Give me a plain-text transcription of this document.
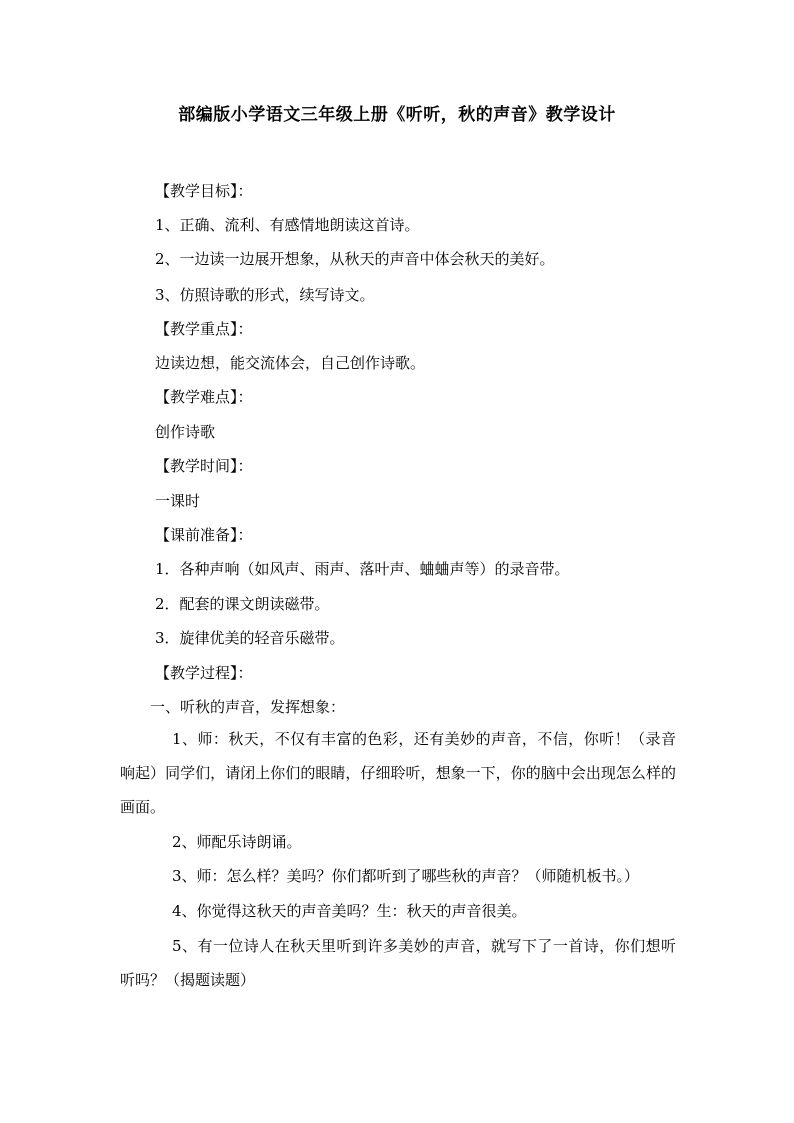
部编版小学语文三年级上册《听听，秋的声音》教学设计
【教学目标】：
1、正确、流利、有感情地朗读这首诗。
2、一边读一边展开想象，从秋天的声音中体会秋天的美好。
3、仿照诗歌的形式，续写诗文。
【教学重点】：
边读边想，能交流体会，自己创作诗歌。
【教学难点】：
创作诗歌
【教学时间】：
一课时
【课前准备】：
1．各种声响（如风声、雨声、落叶声、蛐蛐声等）的录音带。
2．配套的课文朗读磁带。
3．旋律优美的轻音乐磁带。
【教学过程】：
一、听秋的声音，发挥想象：
1、师：秋天，不仅有丰富的色彩，还有美妙的声音，不信，你听！（录音响起）同学们，请闭上你们的眼睛，仔细聆听，想象一下，你的脑中会出现怎么样的画面。
2、师配乐诗朗诵。
3、师：怎么样？美吗？你们都听到了哪些秋的声音？（师随机板书。）
4、你觉得这秋天的声音美吗？生：秋天的声音很美。
5、有一位诗人在秋天里听到许多美妙的声音，就写下了一首诗，你们想听听吗？（揭题读题）
